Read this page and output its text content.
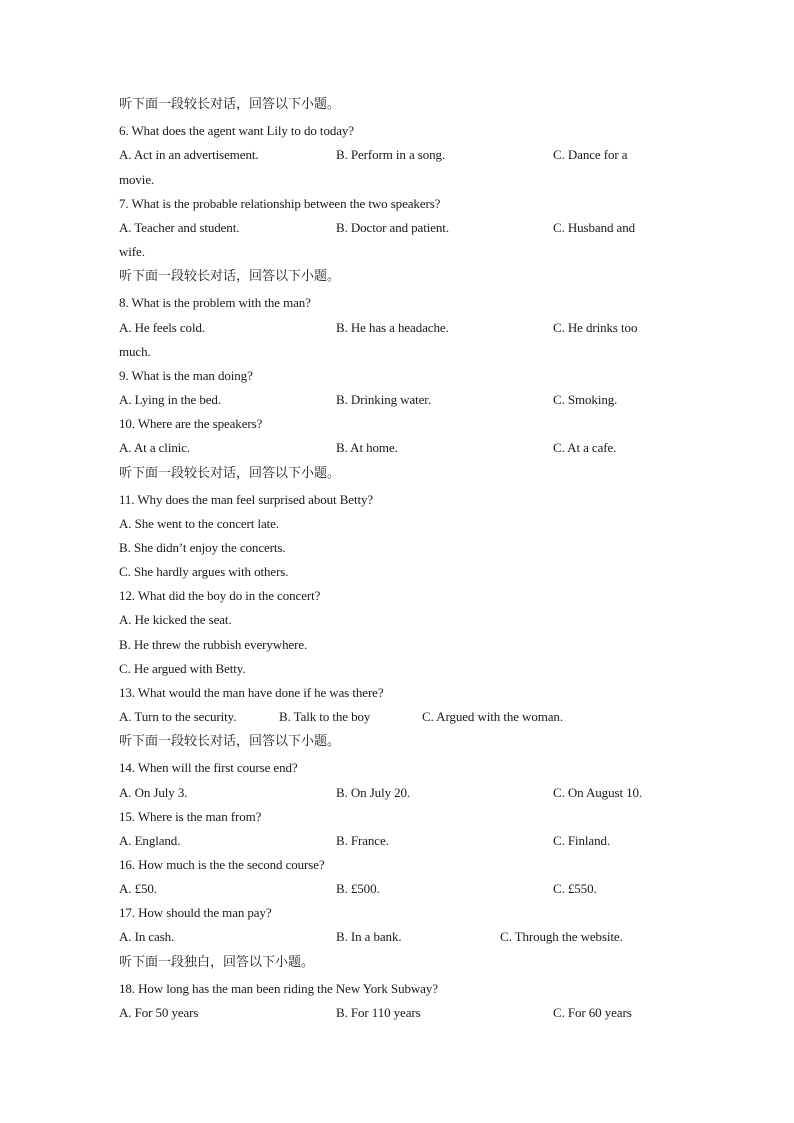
听下面一段较长对话，回答以下小题。
6. What does the agent want Lily to do today?
A. Act in an advertisement.	B. Perform in a song.	C. Dance for a
movie.
7. What is the probable relationship between the two speakers?
A. Teacher and student.	B. Doctor and patient.	C. Husband and
wife.
听下面一段较长对话，回答以下小题。
8. What is the problem with the man?
A. He feels cold.	B. He has a headache.	C. He drinks too
much.
9. What is the man doing?
A. Lying in the bed.	B. Drinking water.	C. Smoking.
10. Where are the speakers?
A. At a clinic.	B. At home.	C. At a cafe.
听下面一段较长对话，回答以下小题。
11. Why does the man feel surprised about Betty?
A. She went to the concert late.
B. She didn’t enjoy the concerts.
C. She hardly argues with others.
12. What did the boy do in the concert?
A. He kicked the seat.
B. He threw the rubbish everywhere.
C. He argued with Betty.
13. What would the man have done if he was there?
A. Turn to the security.	B. Talk to the boy	C. Argued with the woman.
听下面一段较长对话，回答以下小题。
14. When will the first course end?
A. On July 3.	B. On July 20.	C. On August 10.
15. Where is the man from?
A. England.	B. France.	C. Finland.
16. How much is the the second course?
A. £50.	B. £500.	C. £550.
17. How should the man pay?
A. In cash.	B. In a bank.	C. Through the website.
听下面一段独白，回答以下小题。
18. How long has the man been riding the New York Subway?
A. For 50 years	B. For 110 years	C. For 60 years
